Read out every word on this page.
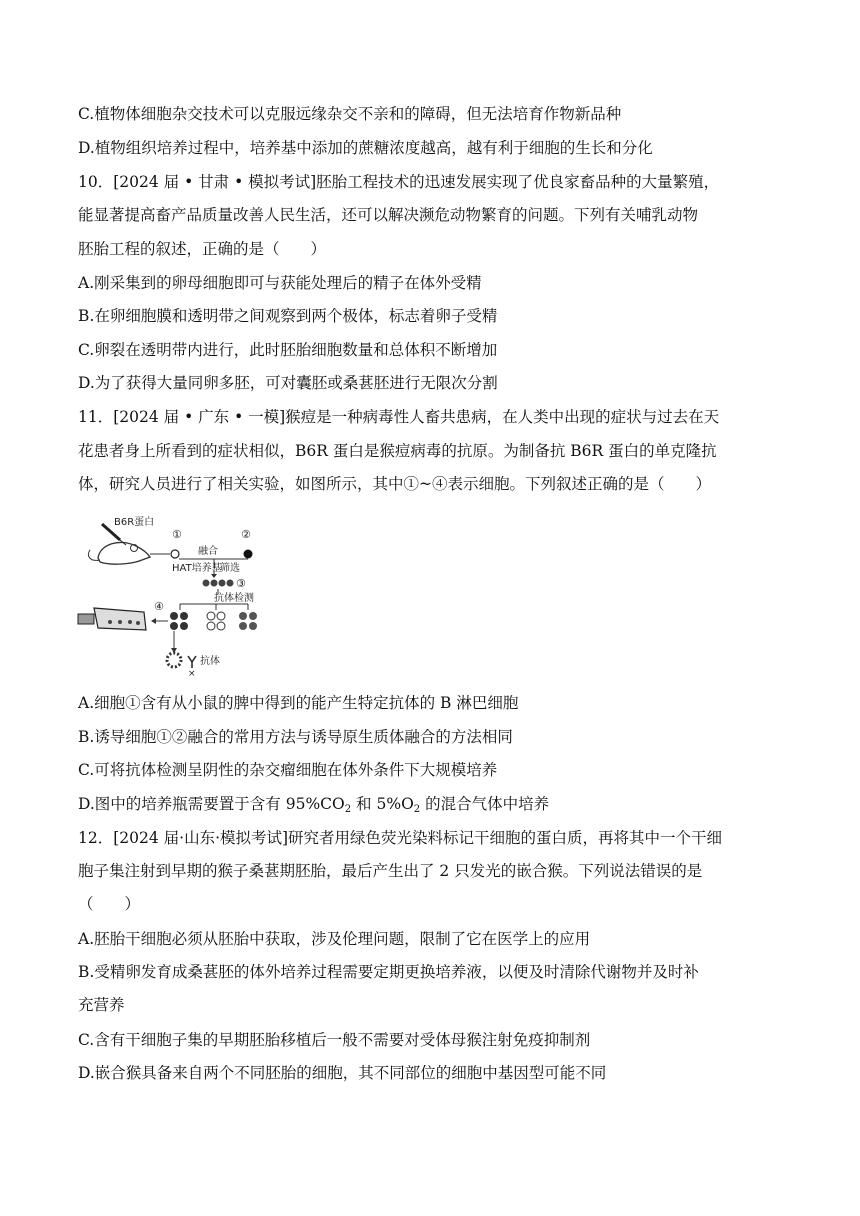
C.植物体细胞杂交技术可以克服远缘杂交不亲和的障碍，但无法培育作物新品种
D.植物组织培养过程中，培养基中添加的蔗糖浓度越高，越有利于细胞的生长和分化
10．[2024 届 • 甘肃 • 模拟考试]胚胎工程技术的迅速发展实现了优良家畜品种的大量繁殖，
能显著提高畜产品质量改善人民生活，还可以解决濒危动物繁育的问题。下列有关哺乳动物
胚胎工程的叙述，正确的是（　　）
A.刚采集到的卵母细胞即可与获能处理后的精子在体外受精
B.在卵细胞膜和透明带之间观察到两个极体，标志着卵子受精
C.卵裂在透明带内进行，此时胚胎细胞数量和总体积不断增加
D.为了获得大量同卵多胚，可对囊胚或桑葚胚进行无限次分割
11．[2024 届 • 广东 • 一模]猴痘是一种病毒性人畜共患病，在人类中出现的症状与过去在天
花患者身上所看到的症状相似，B6R 蛋白是猴痘病毒的抗原。为制备抗 B6R 蛋白的单克隆抗
体，研究人员进行了相关实验，如图所示，其中①~④表示细胞。下列叙述正确的是（　　）
B6R蛋白
①	②
融合
HAT培养基
筛选
③
抗体检测
④
抗体
×
A.细胞①含有从小鼠的脾中得到的能产生特定抗体的 B 淋巴细胞
B.诱导细胞①②融合的常用方法与诱导原生质体融合的方法相同
C.可将抗体检测呈阴性的杂交瘤细胞在体外条件下大规模培养
D.图中的培养瓶需要置于含有 $95\%CO_2$ 和 $5\%O_2$ 的混合气体中培养
12．[2024 届·山东·模拟考试]研究者用绿色荧光染料标记干细胞的蛋白质，再将其中一个干细
胞子集注射到早期的猴子桑葚期胚胎，最后产生出了 2 只发光的嵌合猴。下列说法错误的是
（　　）
A.胚胎干细胞必须从胚胎中获取，涉及伦理问题，限制了它在医学上的应用
B.受精卵发育成桑葚胚的体外培养过程需要定期更换培养液，以便及时清除代谢物并及时补
充营养
C.含有干细胞子集的早期胚胎移植后一般不需要对受体母猴注射免疫抑制剂
D.嵌合猴具备来自两个不同胚胎的细胞，其不同部位的细胞中基因型可能不同
